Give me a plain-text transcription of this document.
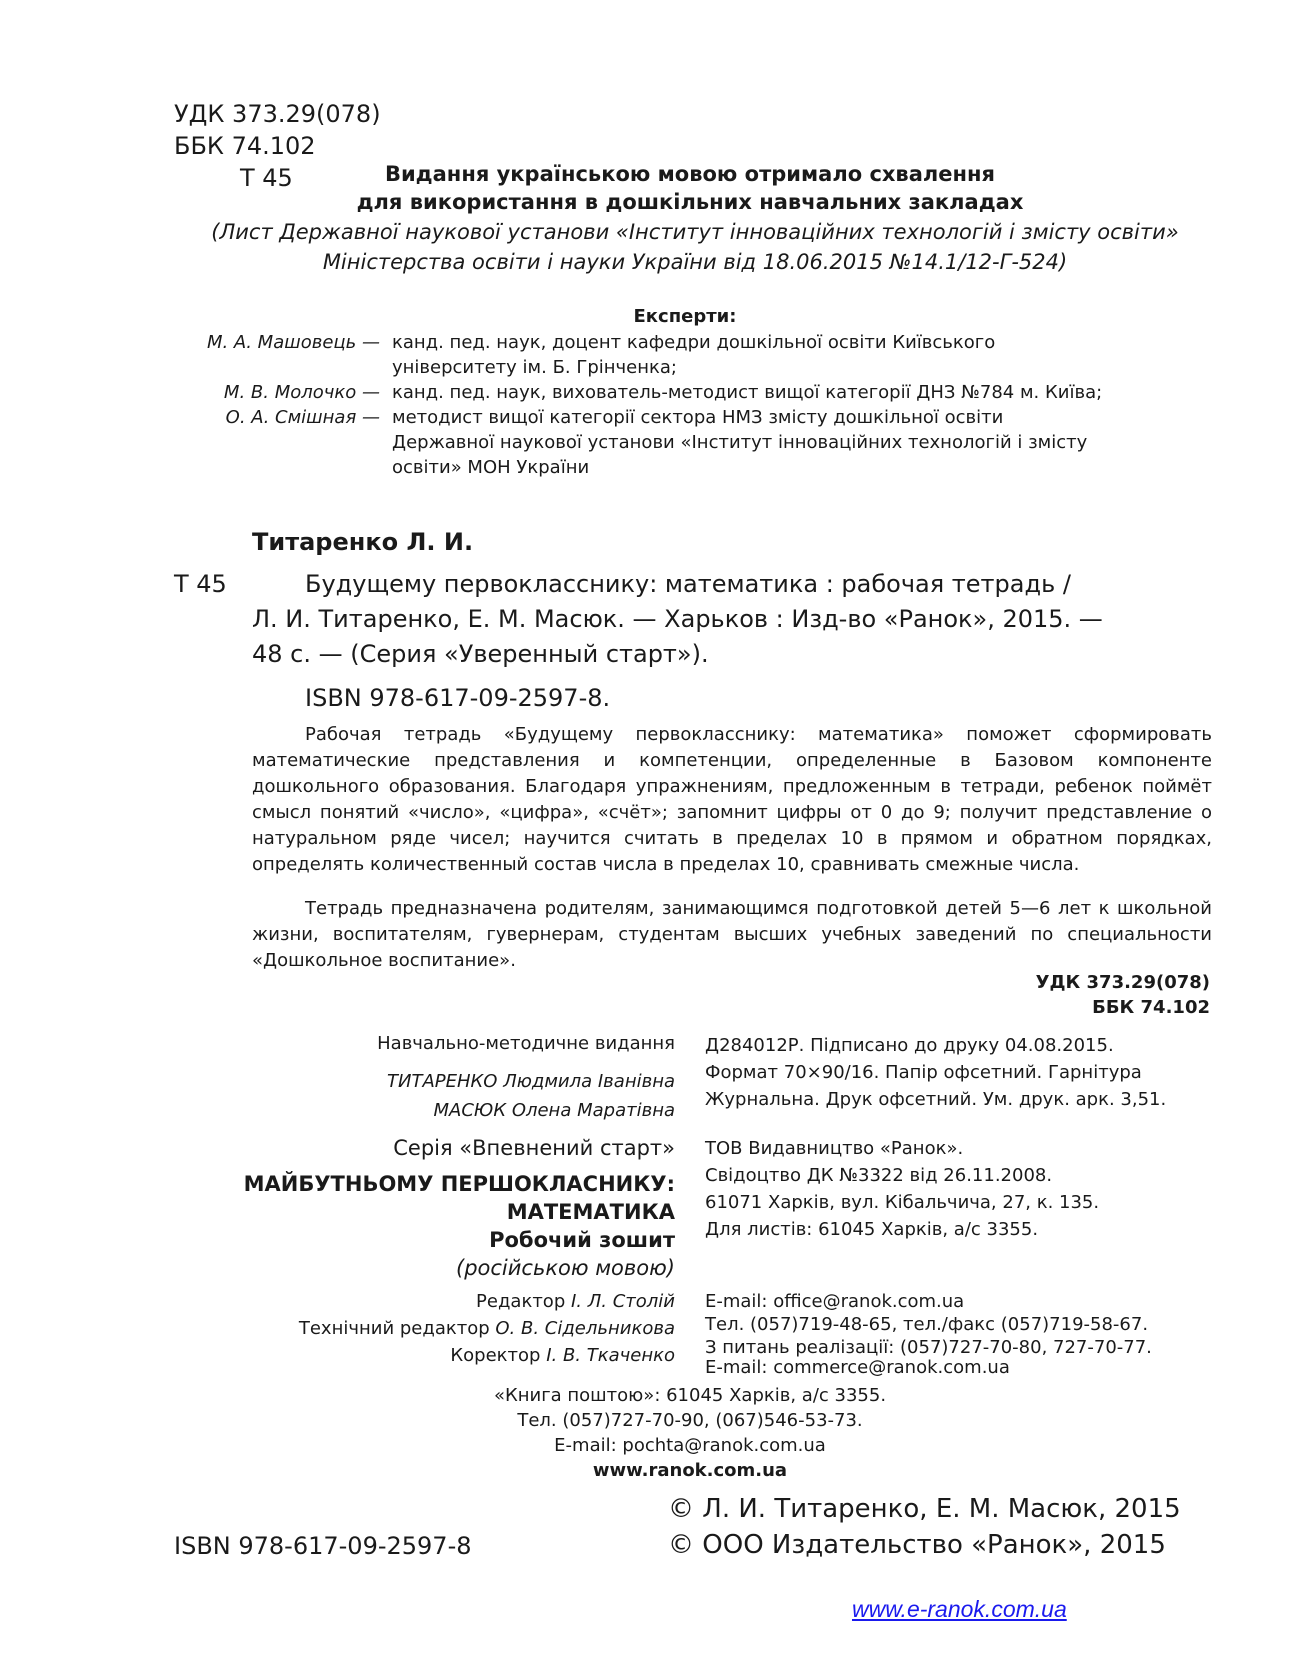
УДК 373.29(078)
ББК 74.102
Т 45	Видання українською мовою отримало схвалення
для використання в дошкільних навчальних закладах
(Лист Державної наукової установи «Інститут інноваційних технологій і змісту освіти»
Міністерства освіти і науки України від 18.06.2015 №14.1/12-Г-524)
Експерти:
М. А. Машовець — канд. пед. наук, доцент кафедри дошкільної освіти Київського
університету ім. Б. Грінченка;
М. В. Молочко — канд. пед. наук, вихователь-методист вищої категорії ДНЗ №784 м. Київа;
О. А. Смішная — методист вищої категорії сектора НМЗ змісту дошкільної освіти
Державної наукової установи «Інститут інноваційних технологій і змісту
освіти» МОН України
Титаренко Л. И.
Т 45	Будущему первокласснику: математика : рабочая тетрадь /
Л. И. Титаренко, Е. М. Масюк. — Харьков : Изд-во «Ранок», 2015. —
48 с. — (Серия «Уверенный старт»).
ISBN 978-617-09-2597-8.
Рабочая тетрадь «Будущему первокласснику: математика» поможет сформировать математические представления и компетенции, определенные в Базовом компоненте дошкольного образования. Благодаря упражнениям, предложенным в тетради, ребенок поймёт смысл понятий «число», «цифра», «счёт»; запомнит цифры от 0 до 9; получит представление о натуральном ряде чисел; научится считать в пределах 10 в прямом и обратном порядках, определять количественный состав числа в пределах 10, сравнивать смежные числа.
Тетрадь предназначена родителям, занимающимся подготовкой детей 5—6 лет к школьной жизни, воспитателям, гувернерам, студентам высших учебных заведений по специальности «Дошкольное воспитание».
УДК 373.29(078)
ББК 74.102
Навчально-методичне видання
ТИТАРЕНКО Людмила Іванівна
МАСЮК Олена Маратівна
Серія «Впевнений старт»
МАЙБУТНЬОМУ ПЕРШОКЛАСНИКУ:
МАТЕМАТИКА
Робочий зошит
(російською мовою)
Редактор І. Л. Столій
Технічний редактор О. В. Сідельникова
Коректор І. В. Ткаченко
Д284012Р. Підписано до друку 04.08.2015.
Формат 70×90/16. Папір офсетний. Гарнітура
Журнальна. Друк офсетний. Ум. друк. арк. 3,51.
ТОВ Видавництво «Ранок».
Свідоцтво ДК №3322 від 26.11.2008.
61071 Харків, вул. Кібальчича, 27, к. 135.
Для листів: 61045 Харків, а/с 3355.
E-mail: office@ranok.com.ua
Тел. (057)719-48-65, тел./факс (057)719-58-67.
З питань реалізації: (057)727-70-80, 727-70-77.
E-mail: commerce@ranok.com.ua
«Книга поштою»: 61045 Харків, а/с 3355.
Тел. (057)727-70-90, (067)546-53-73.
E-mail: pochta@ranok.com.ua
www.ranok.com.ua
© Л. И. Титаренко, Е. М. Масюк, 2015
ISBN 978-617-09-2597-8	© ООО Издательство «Ранок», 2015
www.e-ranok.com.ua
